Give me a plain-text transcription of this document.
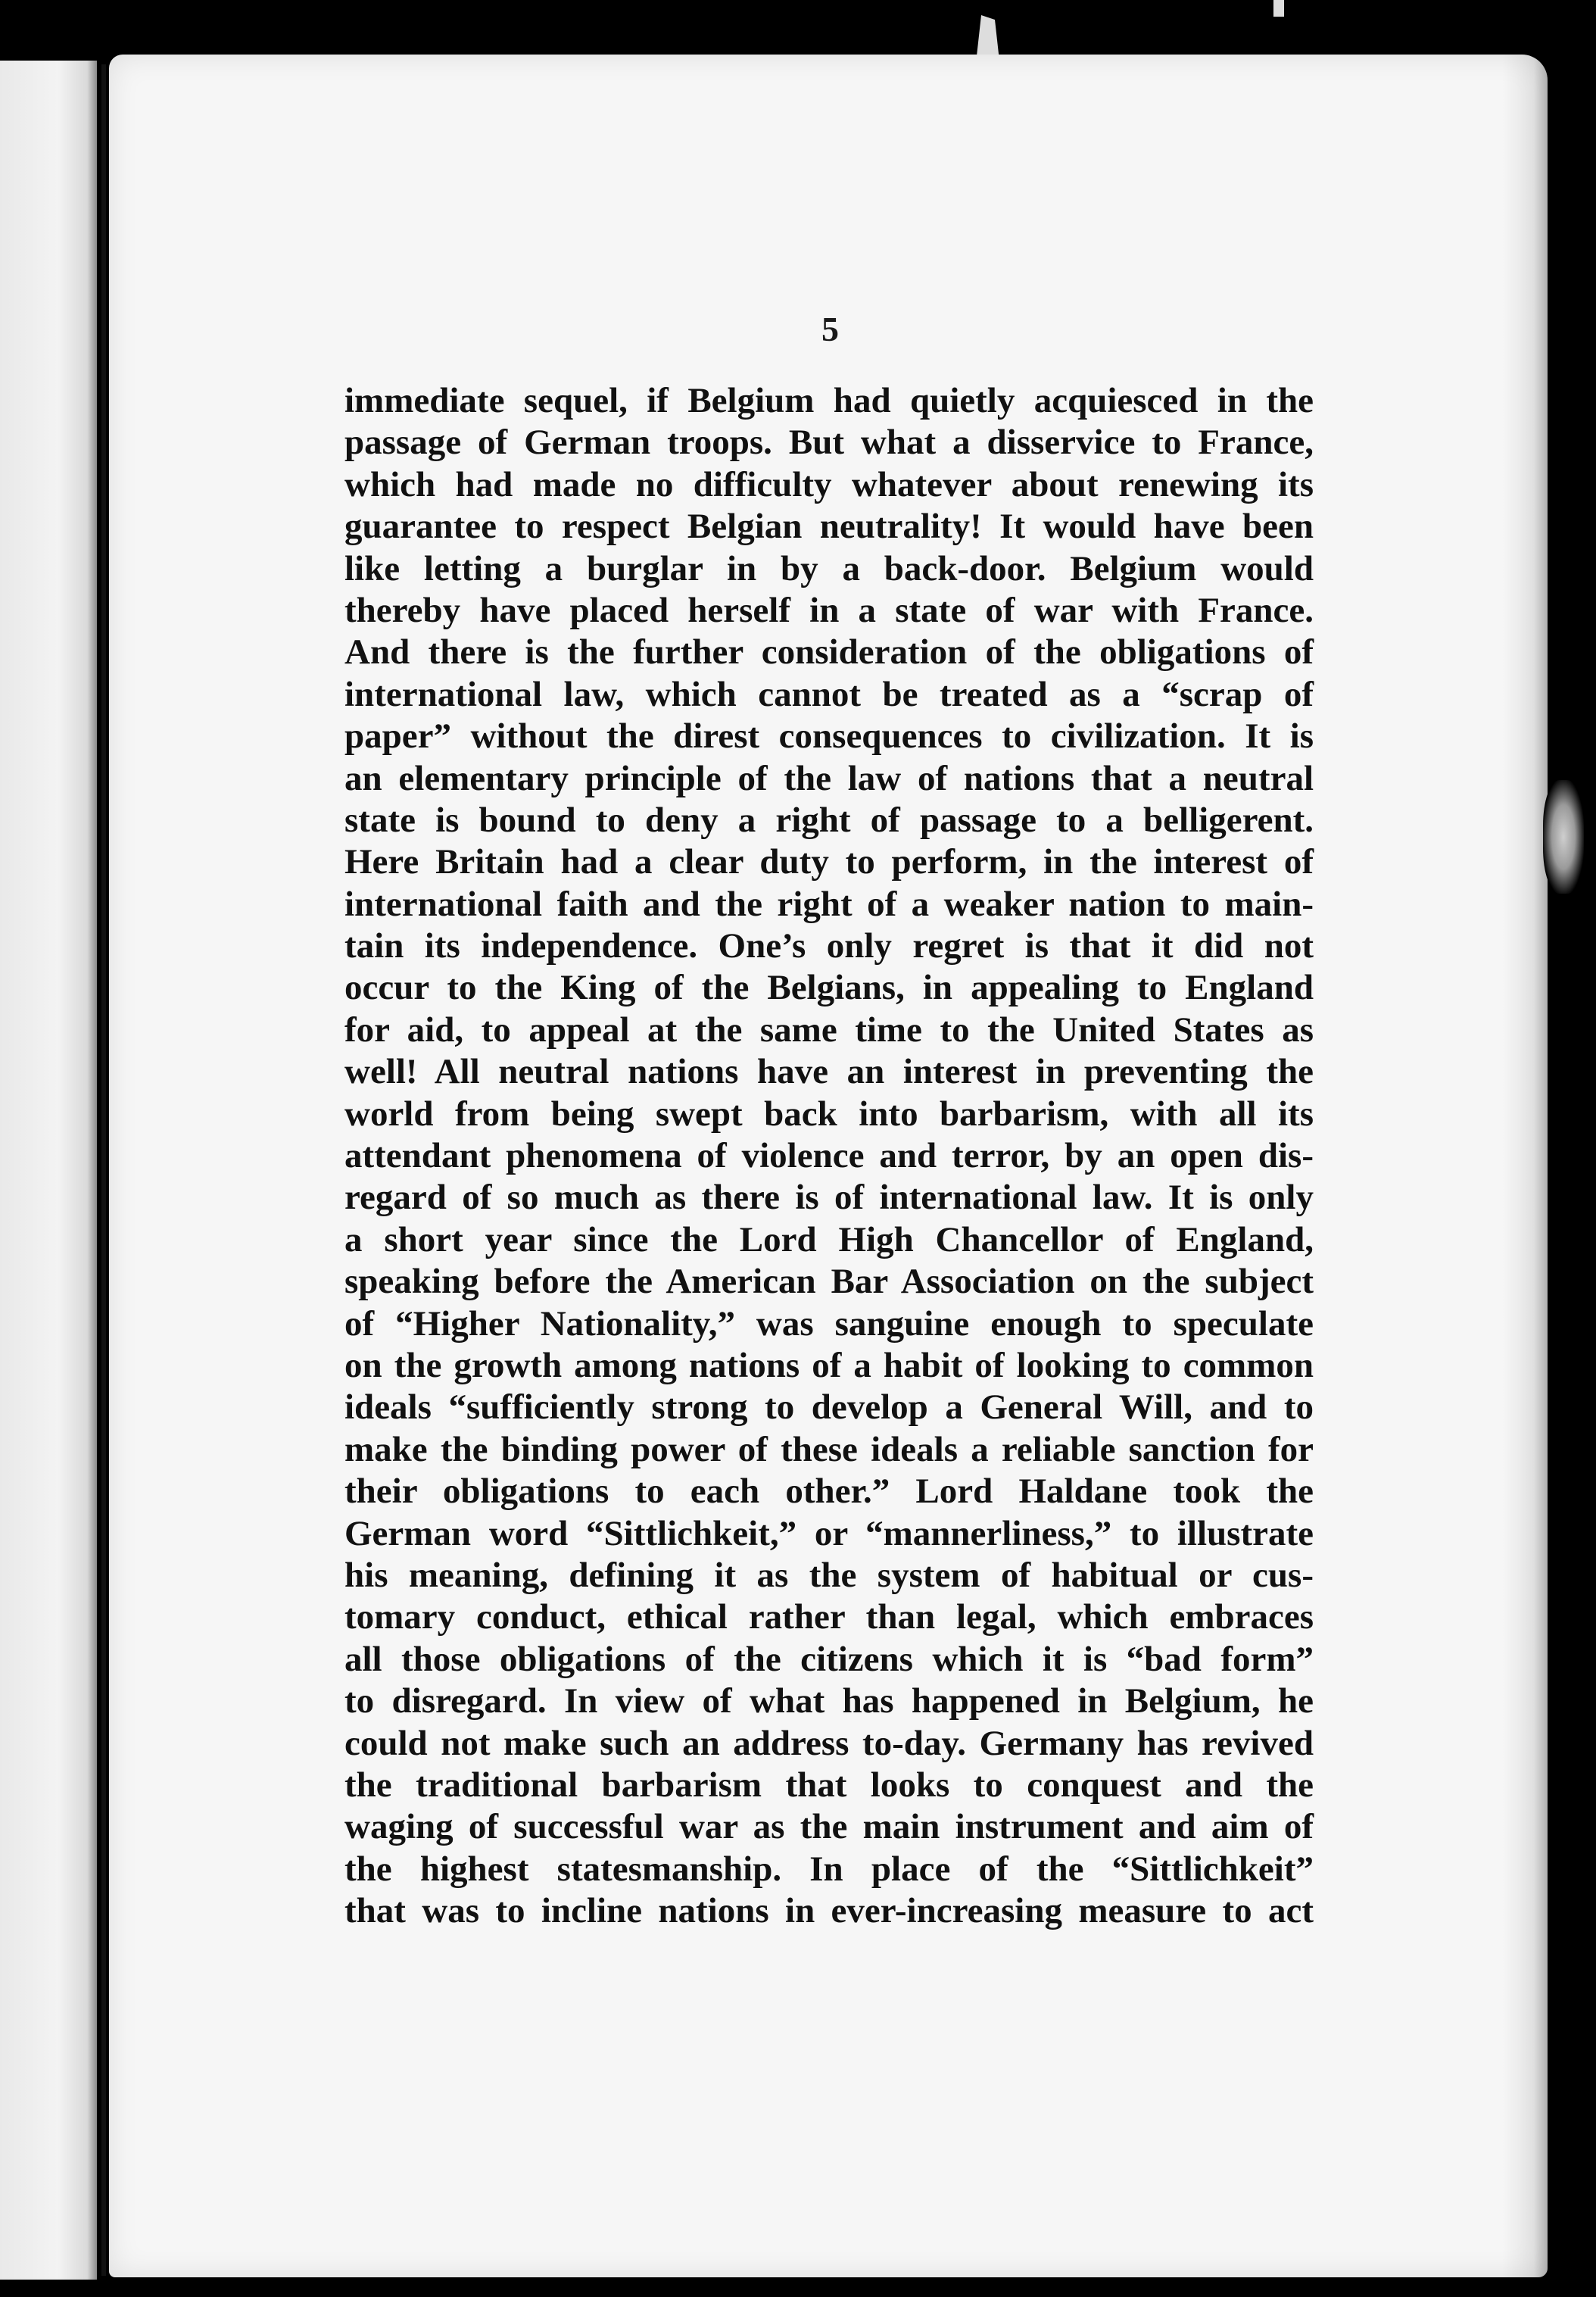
5
immediate sequel, if Belgium had quietly acquiesced in the
passage of German troops. But what a disservice to France,
which had made no difficulty whatever about renewing its
guarantee to respect Belgian neutrality! It would have been
like letting a burglar in by a back-door. Belgium would
thereby have placed herself in a state of war with France.
And there is the further consideration of the obligations of
international law, which cannot be treated as a “scrap of
paper” without the direst consequences to civilization. It is
an elementary principle of the law of nations that a neutral
state is bound to deny a right of passage to a belligerent.
Here Britain had a clear duty to perform, in the interest of
international faith and the right of a weaker nation to main-
tain its independence. One’s only regret is that it did not
occur to the King of the Belgians, in appealing to England
for aid, to appeal at the same time to the United States as
well! All neutral nations have an interest in preventing the
world from being swept back into barbarism, with all its
attendant phenomena of violence and terror, by an open dis-
regard of so much as there is of international law. It is only
a short year since the Lord High Chancellor of England,
speaking before the American Bar Association on the subject
of “Higher Nationality,” was sanguine enough to speculate
on the growth among nations of a habit of looking to common
ideals “sufficiently strong to develop a General Will, and to
make the binding power of these ideals a reliable sanction for
their obligations to each other.” Lord Haldane took the
German word “Sittlichkeit,” or “mannerliness,” to illustrate
his meaning, defining it as the system of habitual or cus-
tomary conduct, ethical rather than legal, which embraces
all those obligations of the citizens which it is “bad form”
to disregard. In view of what has happened in Belgium, he
could not make such an address to-day. Germany has revived
the traditional barbarism that looks to conquest and the
waging of successful war as the main instrument and aim of
the highest statesmanship. In place of the “Sittlichkeit”
that was to incline nations in ever-increasing measure to act
